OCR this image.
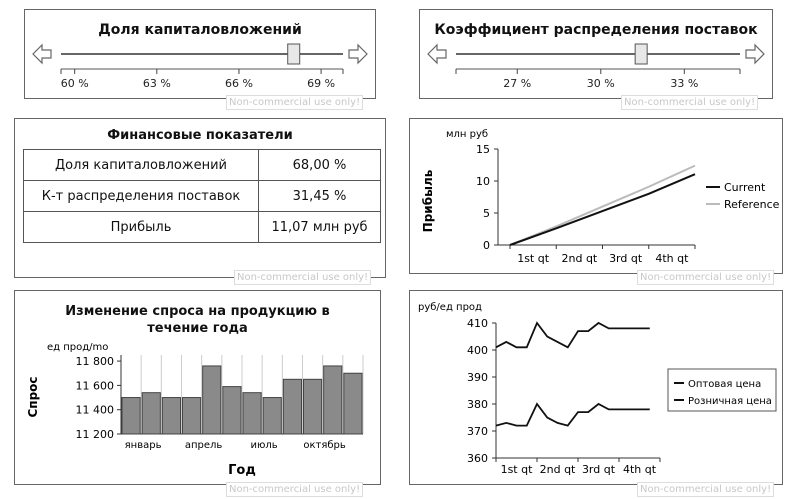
Доля капиталовложений
60 %	63 %	66 %	69 %
Non-commercial use only!
Коэффициент распределения поставок
27 %	30 %	33 %
Non-commercial use only!
Финансовые показатели
Доля капиталовложений	68,00 %
К-т распределения поставок	31,45 %
Прибыль	11,07 млн руб
Non-commercial use only!
млн руб
Прибыль
0
5
10
15
1st qt 2nd qt 3rd qt 4th qt
Current
Reference
Non-commercial use only!
Изменение спроса на продукцию в течение года
ед прод/mo
Спрос
Год
11 200
11 400
11 600
11 800
январь апрель	июль	октябрь
Non-commercial use only!
руб/ед прод
360
370
380
390
400
410
1st qt 2nd qt 3rd qt 4th qt
Оптовая цена
Розничная цена
Non-commercial use only!
